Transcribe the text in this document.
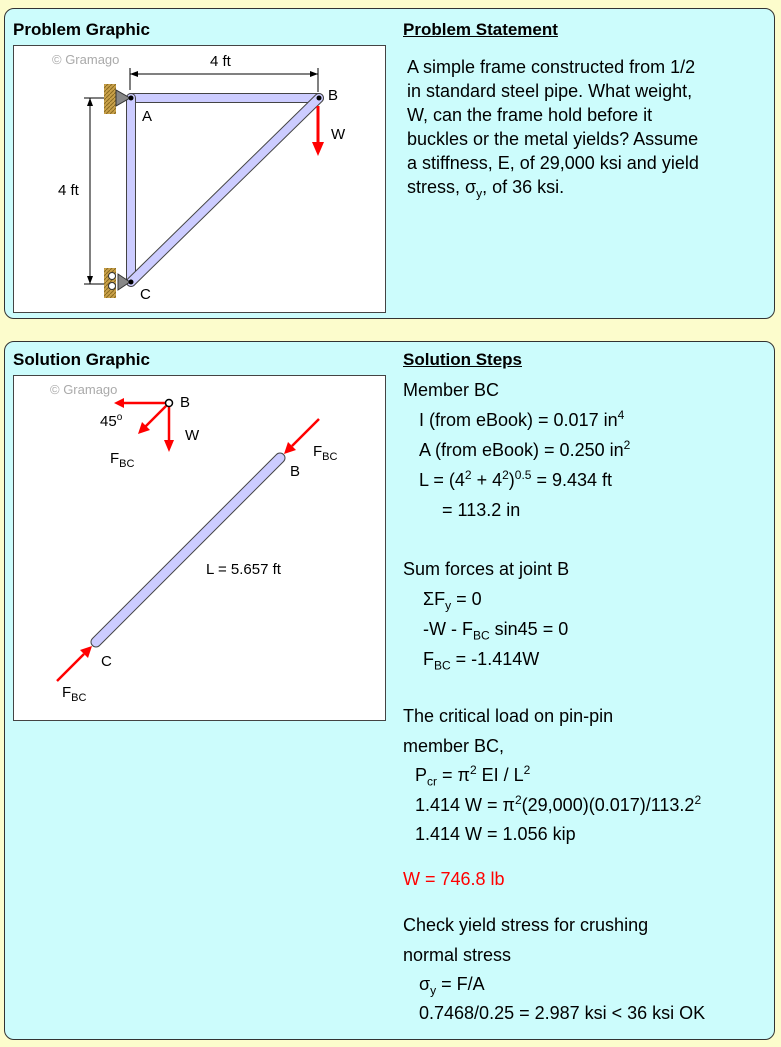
Problem Graphic	Problem Statement
© Gramago	4 ft
4 ft
A
B
C
W
A simple frame constructed from 1/2
in standard steel pipe. What weight,
W, can the frame hold before it
buckles or the metal yields? Assume
a stiffness, E, of 29,000 ksi and yield
stress, $\sigma_y$, of 36 ksi.
Solution Graphic	Solution Steps
© Gramago
B
45$^o$
W
$F_{BC}$	B
C
$F_{BC}$
$F_{BC}$
L = 5.657 ft
Member BC
I (from eBook) = 0.017 $in^4$
A (from eBook) = 0.250 $in^2$
$L = (4^2 + 4^2)^{0.5} = 9.434$ ft
= 113.2 in
Sum forces at joint B
$\Sigma F_y = 0$
$-W - F_{BC}$ sin45 = 0
$F_{BC} = -1.414W$
The critical load on pin-pin
member BC,
$P_{cr} = \pi^2$ EI / $L^2$
1.414 $W = \pi^2(29,000)(0.017)/113.2^2$
1.414 W = 1.056 kip
W = 746.8 lb
Check yield stress for crushing
normal stress
$\sigma_y = F/A$
0.7468/0.25 = 2.987 ksi < 36 ksi OK
